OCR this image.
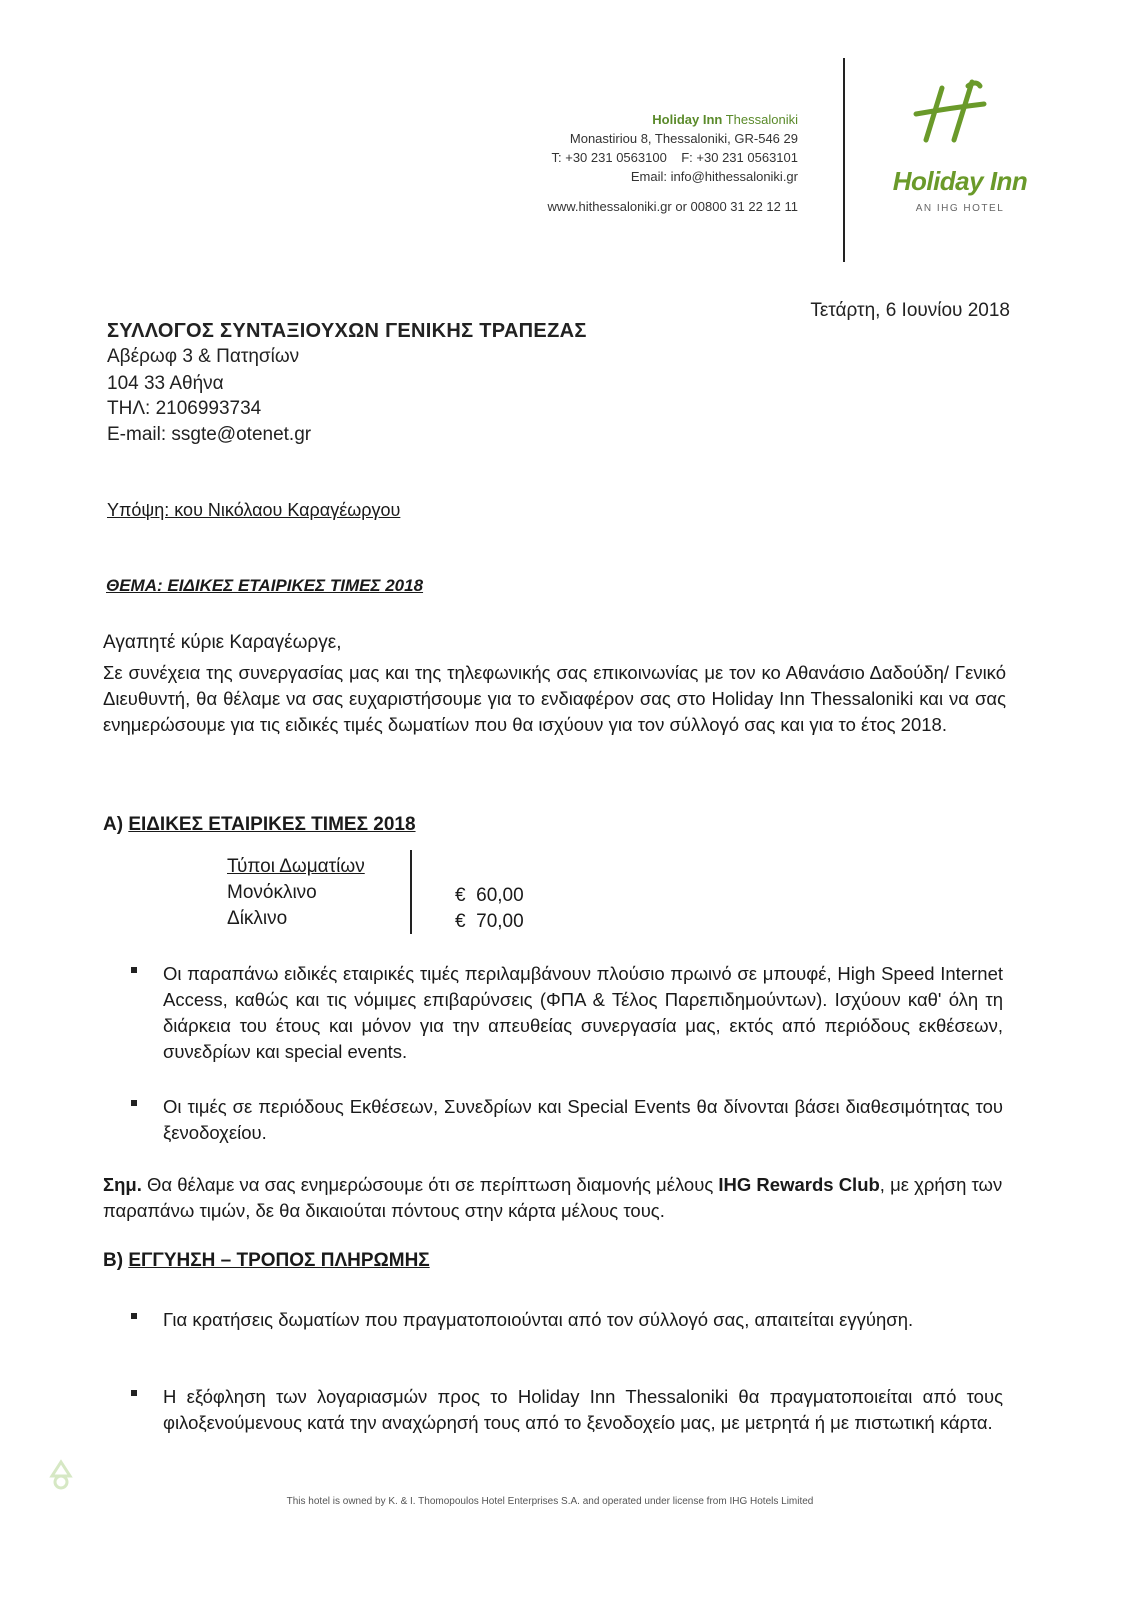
Holiday Inn Thessaloniki
Monastiriou 8, Thessaloniki, GR-546 29
T: +30 231 0563100    F: +30 231 0563101
Email: info@hithessaloniki.gr
www.hithessaloniki.gr or 00800 31 22 12 11
Holiday Inn
AN IHG HOTEL
Τετάρτη, 6 Ιουνίου 2018
ΣΥΛΛΟΓΟΣ ΣΥΝΤΑΞΙΟΥΧΩΝ ΓΕΝΙΚΗΣ ΤΡΑΠΕΖΑΣ
Αβέρωφ 3 & Πατησίων
104 33 Αθήνα
ΤΗΛ: 2106993734
E-mail: ssgte@otenet.gr
Υπόψη: κου Νικόλαου Καραγέωργου
ΘΕΜΑ: ΕΙΔΙΚΕΣ ΕΤΑΙΡΙΚΕΣ ΤΙΜΕΣ 2018
Αγαπητέ κύριε Καραγέωργε,
Σε συνέχεια της συνεργασίας μας και της τηλεφωνικής σας επικοινωνίας με τον κο Αθανάσιο Δαδούδη/ Γενικό Διευθυντή, θα θέλαμε να σας ευχαριστήσουμε για το ενδιαφέρον σας στο Holiday Inn Thessaloniki και να σας ενημερώσουμε για τις ειδικές τιμές δωματίων που θα ισχύουν για τον σύλλογό σας και για το έτος 2018.
Α) ΕΙΔΙΚΕΣ ΕΤΑΙΡΙΚΕΣ ΤΙΜΕΣ 2018
Τύποι Δωματίων
Μονόκλινο
Δίκλινο
€  60,00
€  70,00
Οι παραπάνω ειδικές εταιρικές τιμές περιλαμβάνουν πλούσιο πρωινό σε μπουφέ, High Speed Internet Access, καθώς και τις νόμιμες επιβαρύνσεις (ΦΠΑ & Τέλος Παρεπιδημούντων). Ισχύουν καθ' όλη τη διάρκεια του έτους και μόνον για την απευθείας συνεργασία μας, εκτός από περιόδους εκθέσεων, συνεδρίων και special events.
Οι τιμές σε περιόδους Εκθέσεων, Συνεδρίων και Special Events θα δίνονται βάσει διαθεσιμότητας του ξενοδοχείου.
Σημ. Θα θέλαμε να σας ενημερώσουμε ότι σε περίπτωση διαμονής μέλους IHG Rewards Club, με χρήση των παραπάνω τιμών, δε θα δικαιούται πόντους στην κάρτα μέλους τους.
Β) ΕΓΓΥΗΣΗ – ΤΡΟΠΟΣ ΠΛΗΡΩΜΗΣ
Για κρατήσεις δωματίων που πραγματοποιούνται από τον σύλλογό σας, απαιτείται εγγύηση.
Η εξόφληση των λογαριασμών προς το Holiday Inn Thessaloniki θα πραγματοποιείται από τους φιλοξενούμενους κατά την αναχώρησή τους από το ξενοδοχείο μας, με μετρητά ή με πιστωτική κάρτα.
This hotel is owned by K. & I. Thomopoulos Hotel Enterprises S.A. and operated under license from IHG Hotels Limited
